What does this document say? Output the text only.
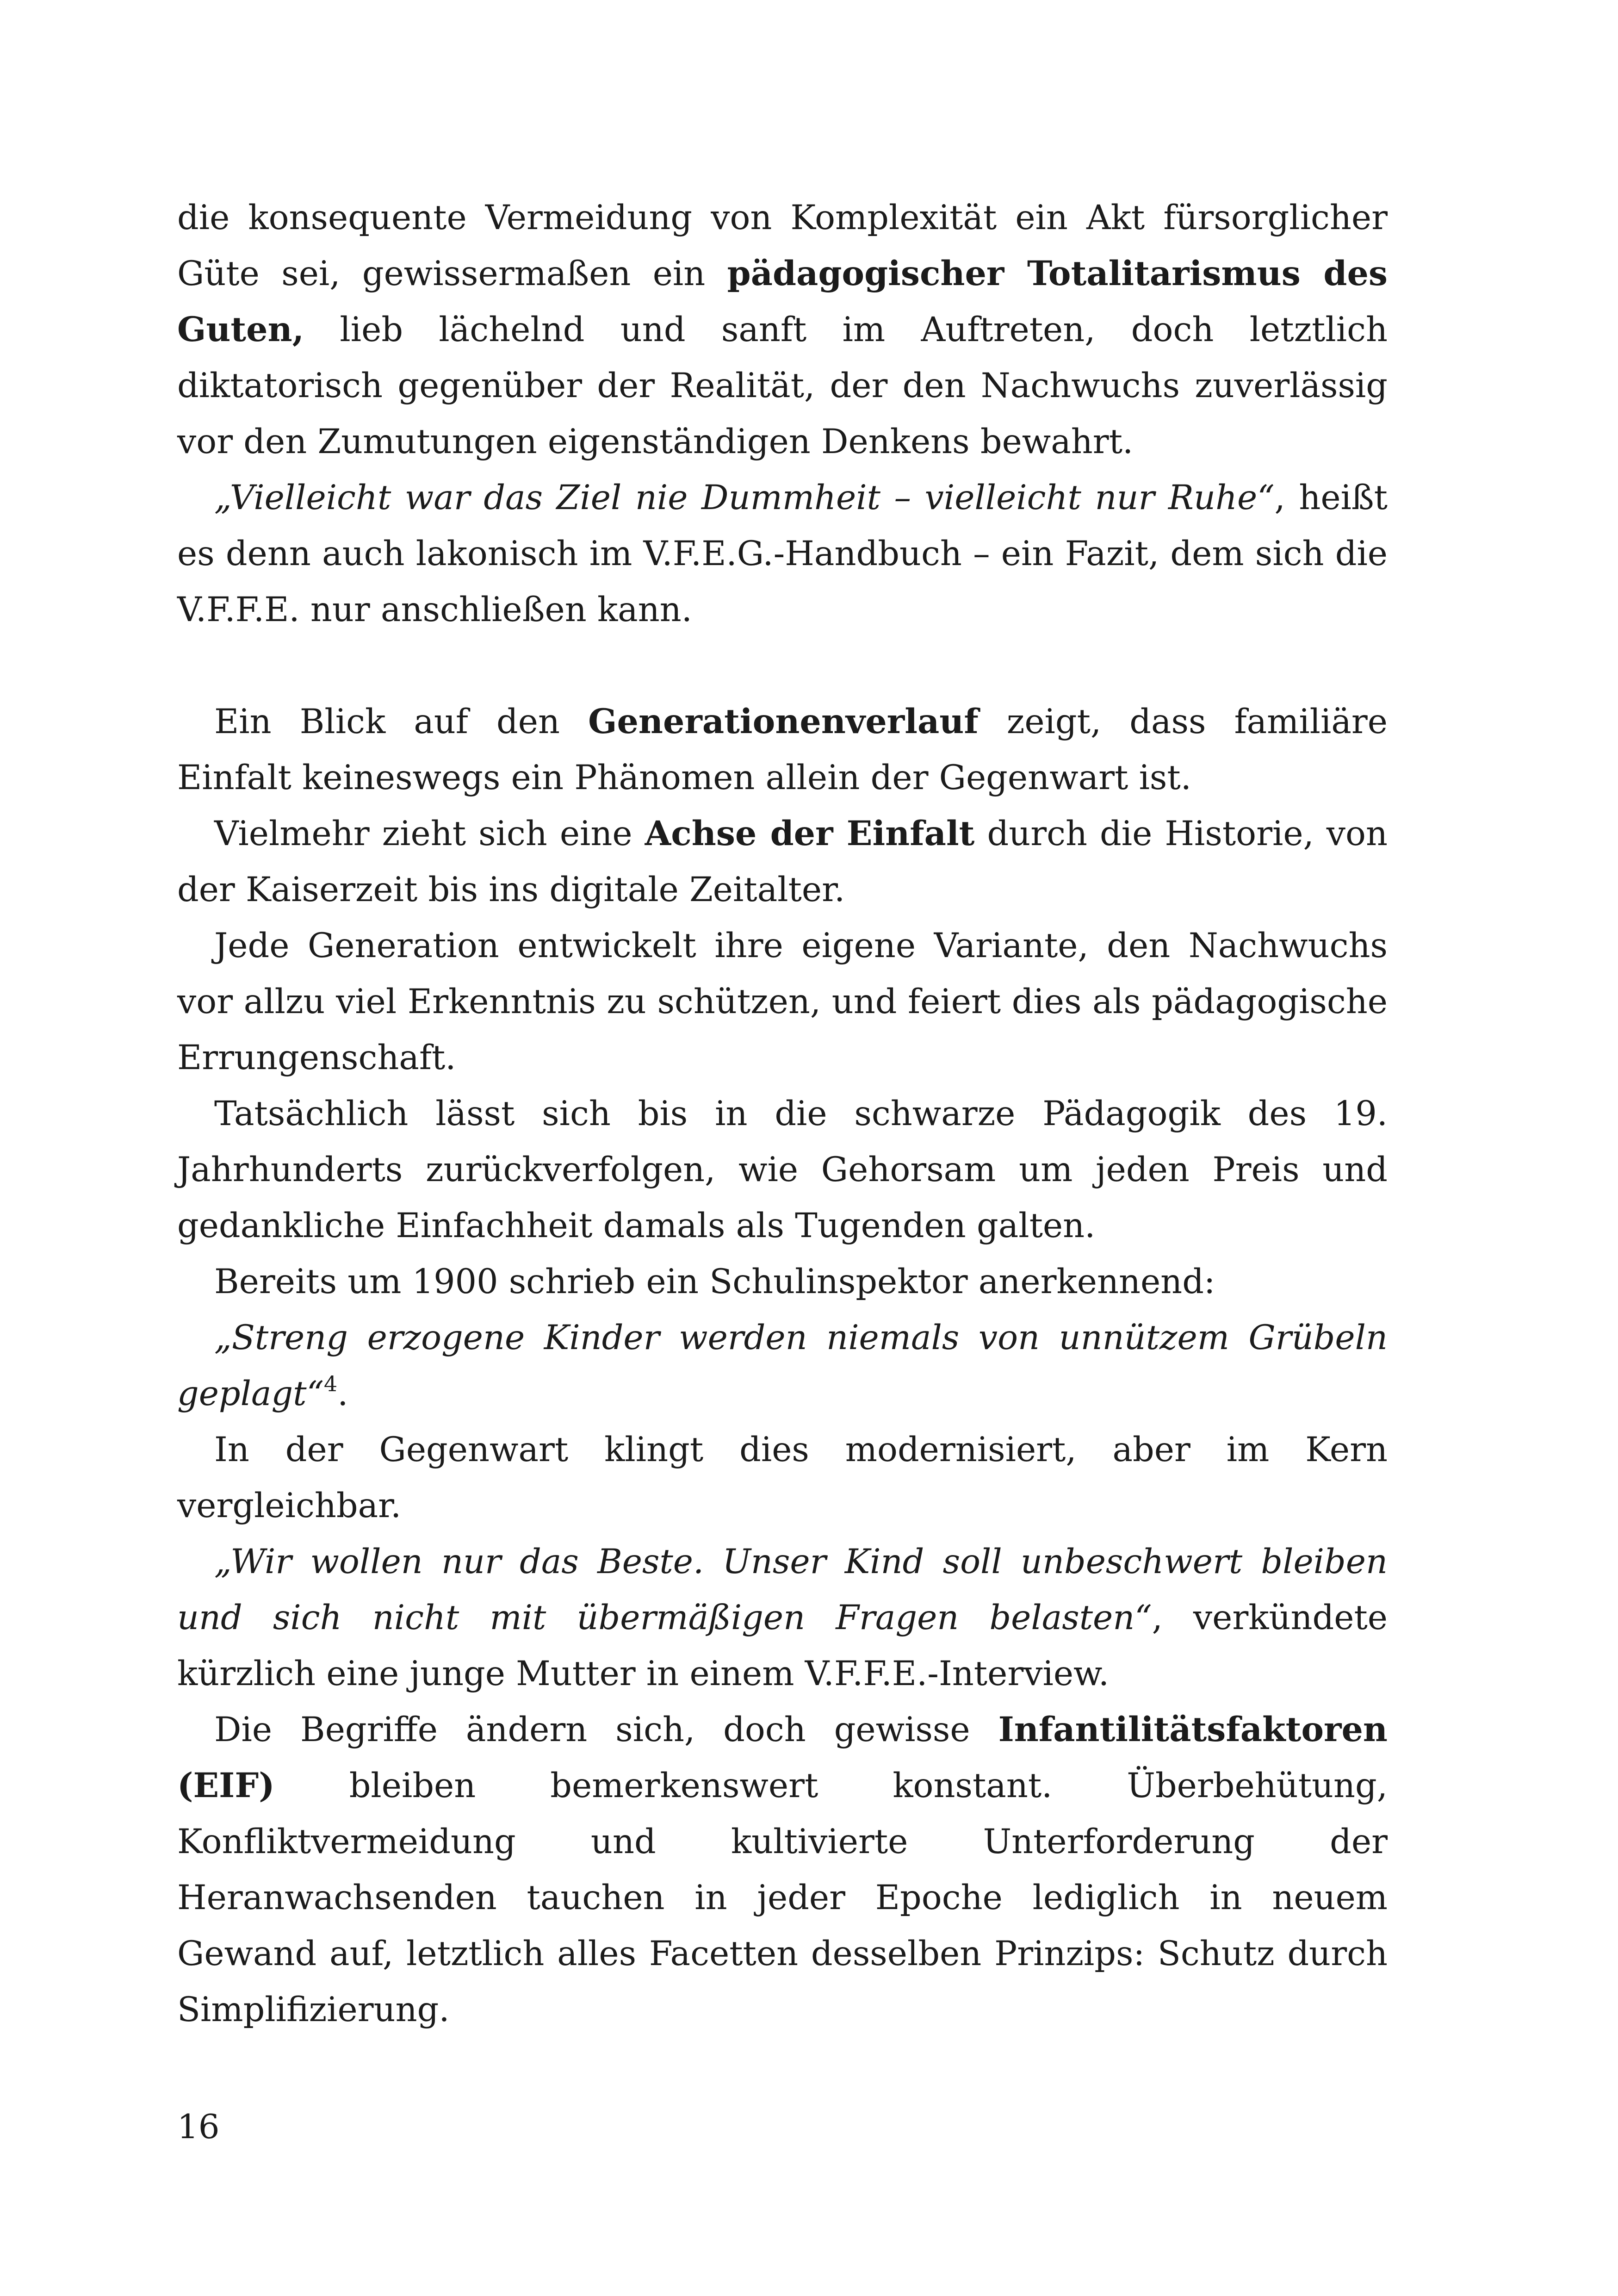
die konsequente Vermeidung von Komplexität ein Akt fürsorglicher Güte sei, gewissermaßen ein pädagogischer Totalitarismus des Guten, lieb lächelnd und sanft im Auftreten, doch letztlich diktatorisch gegenüber der Realität, der den Nachwuchs zuverlässig vor den Zumutungen eigenständigen Denkens bewahrt.

„Vielleicht war das Ziel nie Dummheit – vielleicht nur Ruhe“, heißt es denn auch lakonisch im V.F.E.G.-Handbuch – ein Fazit, dem sich die V.F.F.E. nur anschließen kann.

Ein Blick auf den Generationenverlauf zeigt, dass familiäre Einfalt keineswegs ein Phänomen allein der Gegenwart ist.

Vielmehr zieht sich eine Achse der Einfalt durch die Historie, von der Kaiserzeit bis ins digitale Zeitalter.

Jede Generation entwickelt ihre eigene Variante, den Nachwuchs vor allzu viel Erkenntnis zu schützen, und feiert dies als pädagogische Errungenschaft.

Tatsächlich lässt sich bis in die schwarze Pädagogik des 19. Jahrhunderts zurückverfolgen, wie Gehorsam um jeden Preis und gedankliche Einfachheit damals als Tugenden galten.

Bereits um 1900 schrieb ein Schulinspektor anerkennend:

„Streng erzogene Kinder werden niemals von unnützem Grübeln geplagt“$^4$.

In der Gegenwart klingt dies modernisiert, aber im Kern vergleichbar.

„Wir wollen nur das Beste. Unser Kind soll unbeschwert bleiben und sich nicht mit übermäßigen Fragen belasten“, verkündete kürzlich eine junge Mutter in einem V.F.F.E.-Interview.

Die Begriffe ändern sich, doch gewisse Infantilitätsfaktoren (EIF) bleiben bemerkenswert konstant. Überbehütung, Konfliktvermeidung und kultivierte Unterforderung der Heranwachsenden tauchen in jeder Epoche lediglich in neuem Gewand auf, letztlich alles Facetten desselben Prinzips: Schutz durch Simplifizierung.

16
